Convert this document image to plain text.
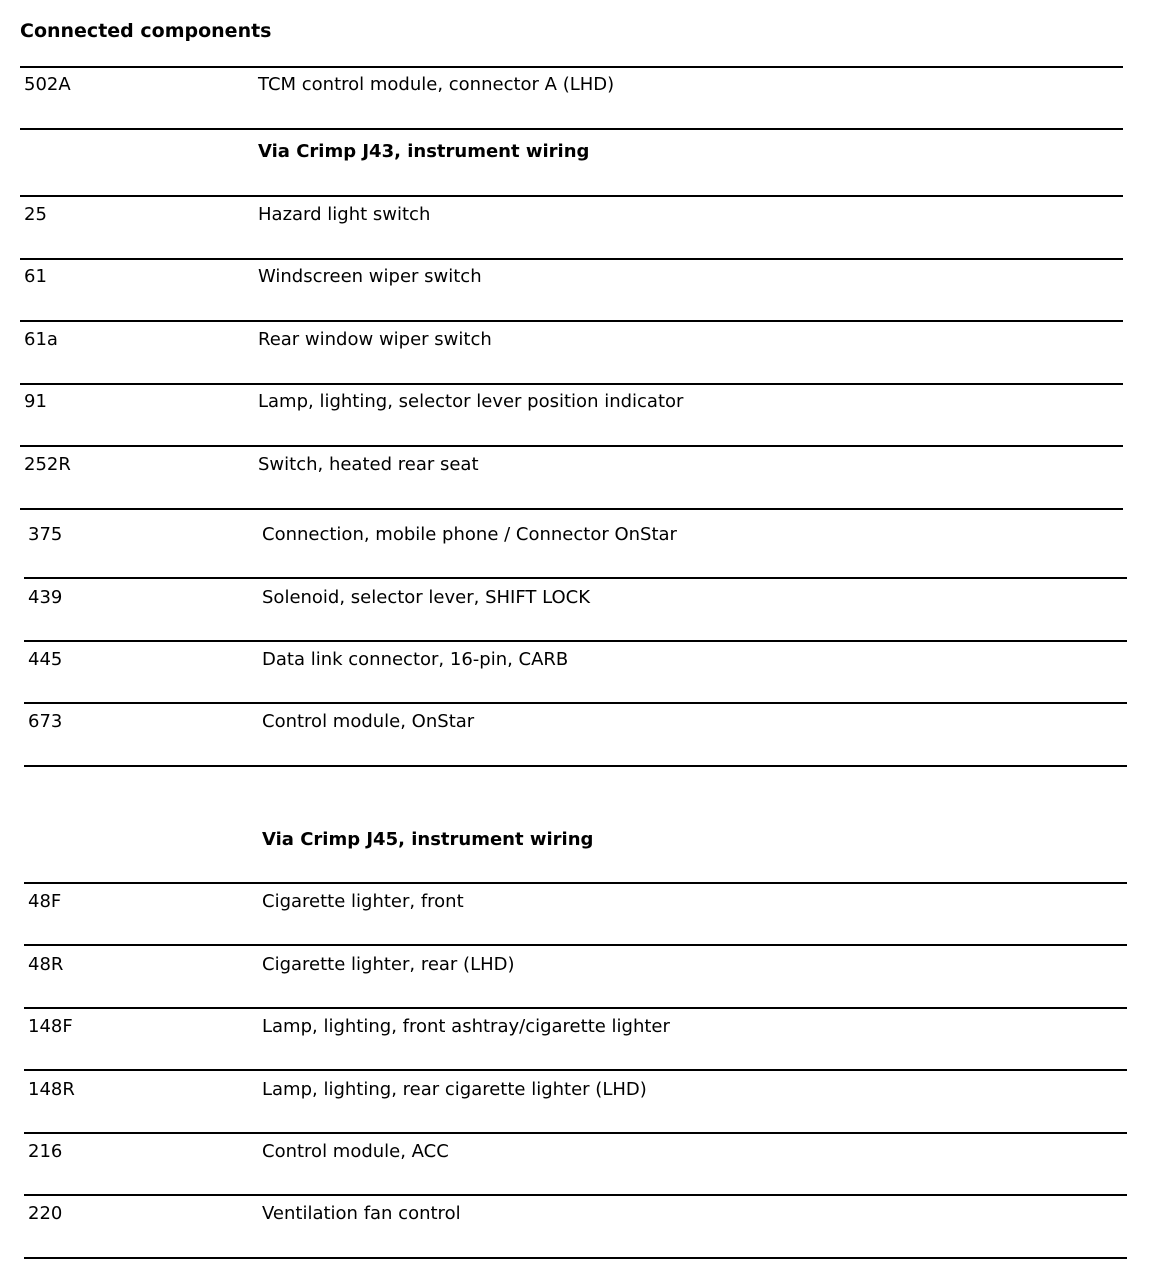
Connected components
502A	TCM control module, connector A (LHD)
Via Crimp J43, instrument wiring
25	Hazard light switch
61	Windscreen wiper switch
61a	Rear window wiper switch
91	Lamp, lighting, selector lever position indicator
252R	Switch, heated rear seat
375	Connection, mobile phone / Connector OnStar
439	Solenoid, selector lever, SHIFT LOCK
445	Data link connector, 16-pin, CARB
673	Control module, OnStar
Via Crimp J45, instrument wiring
48F	Cigarette lighter, front
48R	Cigarette lighter, rear (LHD)
148F	Lamp, lighting, front ashtray/cigarette lighter
148R	Lamp, lighting, rear cigarette lighter (LHD)
216	Control module, ACC
220	Ventilation fan control
